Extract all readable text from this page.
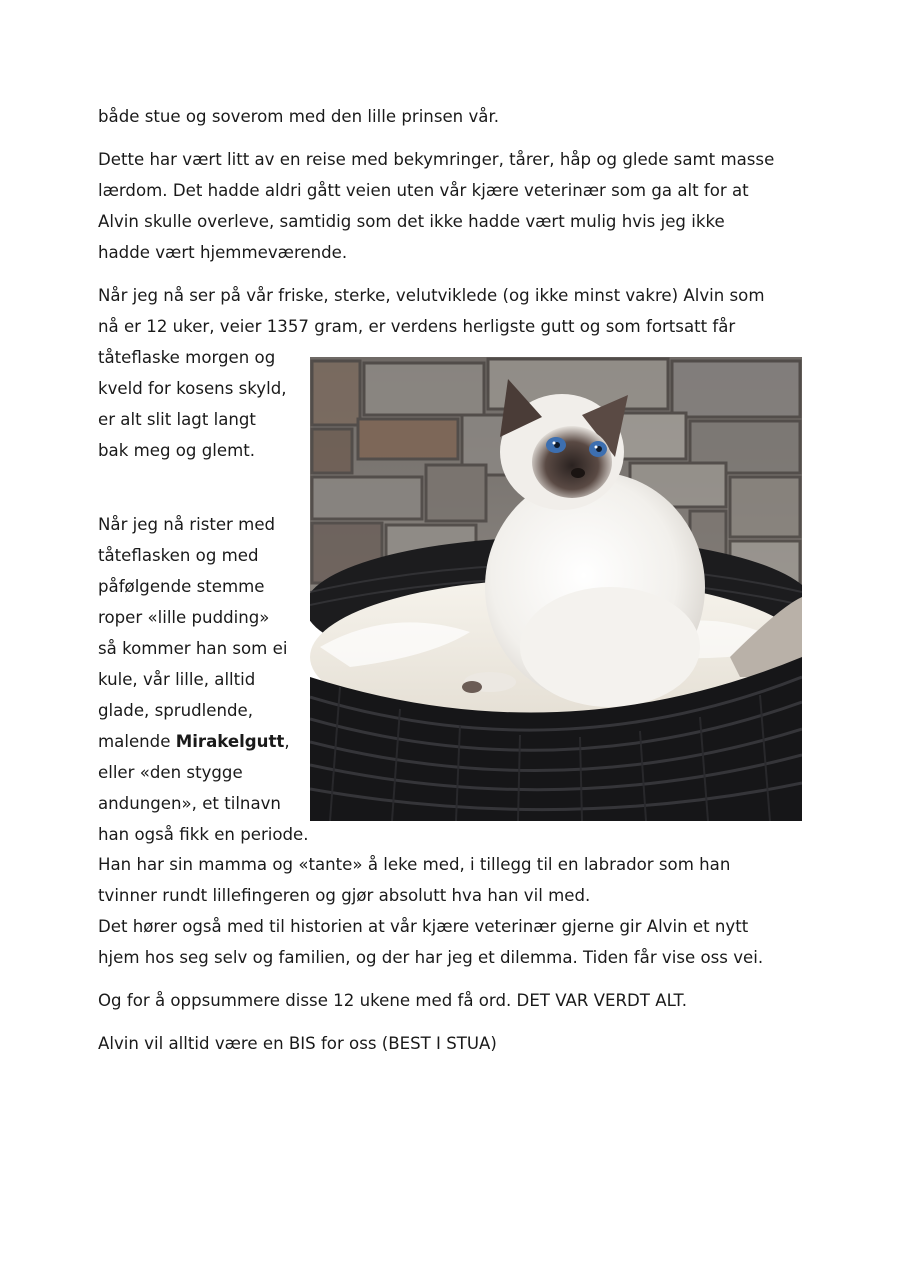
både stue og soverom med den lille prinsen vår.

Dette har vært litt av en reise med bekymringer, tårer, håp og glede samt masse

lærdom. Det hadde aldri gått veien uten vår kjære veterinær som ga alt for at

Alvin skulle overleve, samtidig som det ikke hadde vært mulig hvis jeg ikke

hadde vært hjemmeværende.

Når jeg nå ser på vår friske, sterke, velutviklede (og ikke minst vakre) Alvin som

nå er 12 uker, veier 1357 gram, er verdens herligste gutt og som fortsatt får

tåteflaske morgen og

kveld for kosens skyld,

er alt slit lagt langt

bak meg og glemt.

Når jeg nå rister med

tåteflasken og med

påfølgende stemme

roper «lille pudding»

så kommer han som ei

kule, vår lille, alltid

glade, sprudlende,

malende Mirakelgutt,

eller «den stygge

andungen», et tilnavn

han også fikk en periode.

Han har sin mamma og «tante» å leke med, i tillegg til en labrador som han

tvinner rundt lillefingeren og gjør absolutt hva han vil med.

Det hører også med til historien at vår kjære veterinær gjerne gir Alvin et nytt

hjem hos seg selv og familien, og der har jeg et dilemma. Tiden får vise oss vei.

Og for å oppsummere disse 12 ukene med få ord. DET VAR VERDT ALT.

Alvin vil alltid være en BIS for oss (BEST I STUA)
